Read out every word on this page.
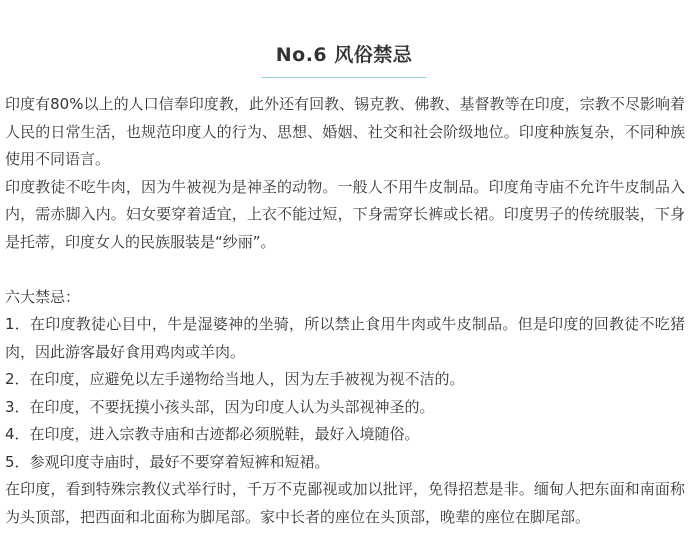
No.6 风俗禁忌

印度有80%以上的人口信奉印度教，此外还有回教、锡克教、佛教、基督教等在印度，宗教不尽影响着人民的日常生活，也规范印度人的行为、思想、婚姻、社交和社会阶级地位。印度种族复杂，不同种族使用不同语言。

印度教徒不吃牛肉，因为牛被视为是神圣的动物。一般人不用牛皮制品。印度角寺庙不允许牛皮制品入内，需赤脚入内。妇女要穿着适宜，上衣不能过短，下身需穿长裤或长裙。印度男子的传统服装，下身是托蒂，印度女人的民族服装是“纱丽”。

六大禁忌：

1．在印度教徒心目中，牛是湿婆神的坐骑，所以禁止食用牛肉或牛皮制品。但是印度的回教徒不吃猪肉，因此游客最好食用鸡肉或羊肉。

2．在印度，应避免以左手递物给当地人，因为左手被视为视不洁的。

3．在印度，不要抚摸小孩头部，因为印度人认为头部视神圣的。

4．在印度，进入宗教寺庙和古迹都必须脱鞋，最好入境随俗。

5．参观印度寺庙时，最好不要穿着短裤和短裙。

在印度，看到特殊宗教仪式举行时，千万不克鄙视或加以批评，免得招惹是非。缅甸人把东面和南面称为头顶部，把西面和北面称为脚尾部。家中长者的座位在头顶部，晚辈的座位在脚尾部。
